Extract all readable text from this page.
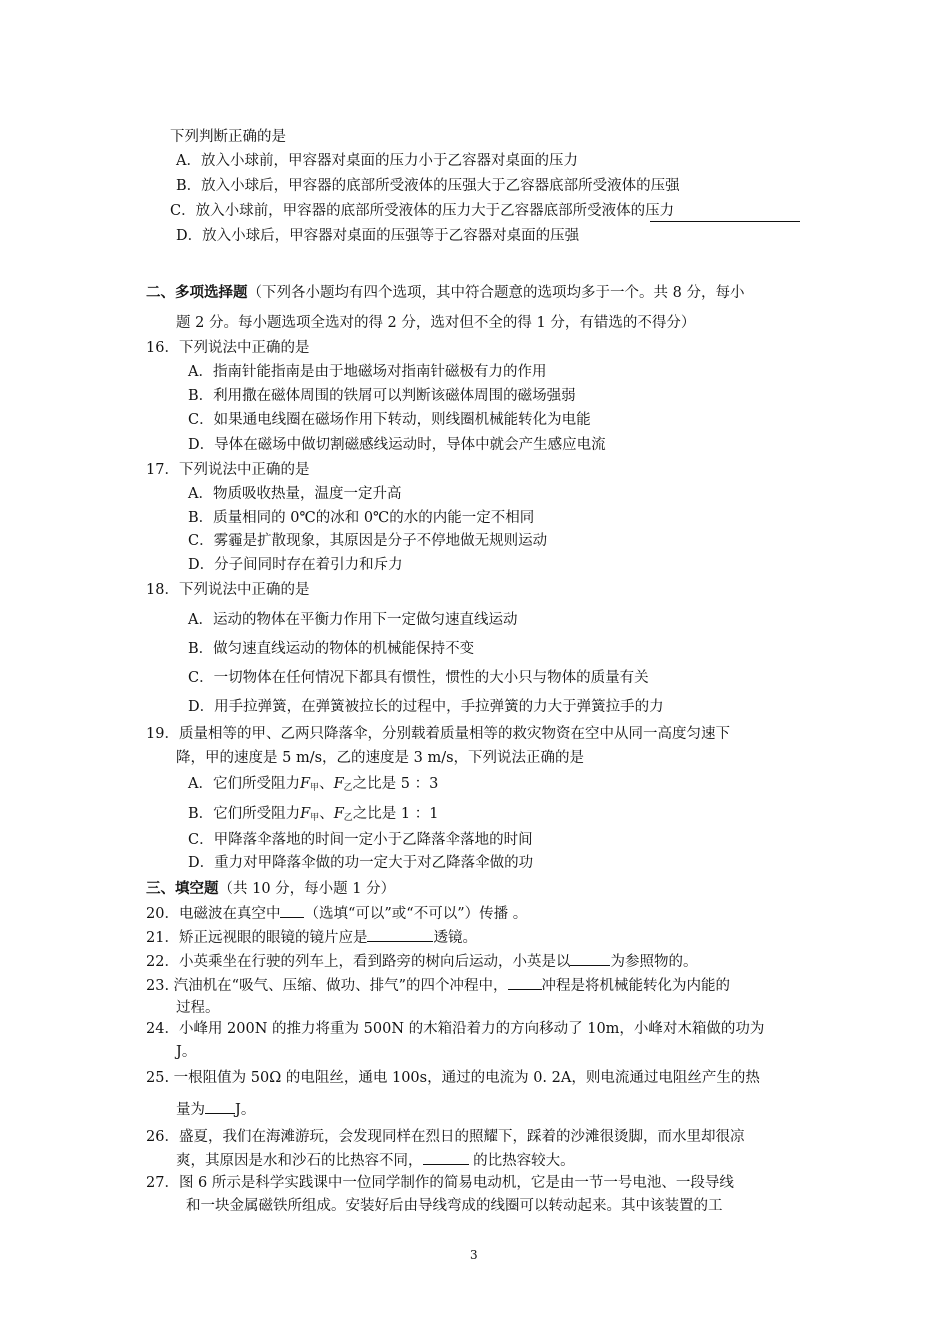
下列判断正确的是
A．放入小球前，甲容器对桌面的压力小于乙容器对桌面的压力
B．放入小球后，甲容器的底部所受液体的压强大于乙容器底部所受液体的压强
C．放入小球前，甲容器的底部所受液体的压力大于乙容器底部所受液体的压力
D．放入小球后，甲容器对桌面的压强等于乙容器对桌面的压强
二、多项选择题（下列各小题均有四个选项，其中符合题意的选项均多于一个。共 8 分，每小
题 2 分。每小题选项全选对的得 2 分，选对但不全的得 1 分，有错选的不得分）
16．下列说法中正确的是
A．指南针能指南是由于地磁场对指南针磁极有力的作用
B．利用撒在磁体周围的铁屑可以判断该磁体周围的磁场强弱
C．如果通电线圈在磁场作用下转动，则线圈机械能转化为电能
D．导体在磁场中做切割磁感线运动时，导体中就会产生感应电流
17．下列说法中正确的是
A．物质吸收热量，温度一定升高
B．质量相同的 0℃的冰和 0℃的水的内能一定不相同
C．雾霾是扩散现象，其原因是分子不停地做无规则运动
D．分子间同时存在着引力和斥力
18．下列说法中正确的是
A．运动的物体在平衡力作用下一定做匀速直线运动
B．做匀速直线运动的物体的机械能保持不变
C．一切物体在任何情况下都具有惯性，惯性的大小只与物体的质量有关
D．用手拉弹簧，在弹簧被拉长的过程中，手拉弹簧的力大于弹簧拉手的力
19．质量相等的甲、乙两只降落伞，分别载着质量相等的救灾物资在空中从同一高度匀速下
降，甲的速度是 5 m/s，乙的速度是 3 m/s，下列说法正确的是
A．它们所受阻力F甲、F乙之比是 5 ：3
B．它们所受阻力F甲、F乙之比是 1 ：1
C．甲降落伞落地的时间一定小于乙降落伞落地的时间
D．重力对甲降落伞做的功一定大于对乙降落伞做的功
三、填空题（共 10 分，每小题 1 分）
20．电磁波在真空中 （选填“可以”或“不可以”）传播 。
21．矫正远视眼的眼镜的镜片应是	透镜。
22．小英乘坐在行驶的列车上，看到路旁的树向后运动，小英是以	为参照物的。
23. 汽油机在“吸气、压缩、做功、排气”的四个冲程中， 冲程是将机械能转化为内能的
过程。
24．小峰用 200N 的推力将重为 500N 的木箱沿着力的方向移动了 10m，小峰对木箱做的功为
J。
25. 一根阻值为 50Ω 的电阻丝，通电 100s，通过的电流为 0. 2A，则电流通过电阻丝产生的热
量为 J。
26．盛夏，我们在海滩游玩，会发现同样在烈日的照耀下，踩着的沙滩很烫脚，而水里却很凉
爽，其原因是水和沙石的比热容不同，	的比热容较大。
27．图 6 所示是科学实践课中一位同学制作的简易电动机，它是由一节一号电池、一段导线
和一块金属磁铁所组成。安装好后由导线弯成的线圈可以转动起来。其中该装置的工
3
